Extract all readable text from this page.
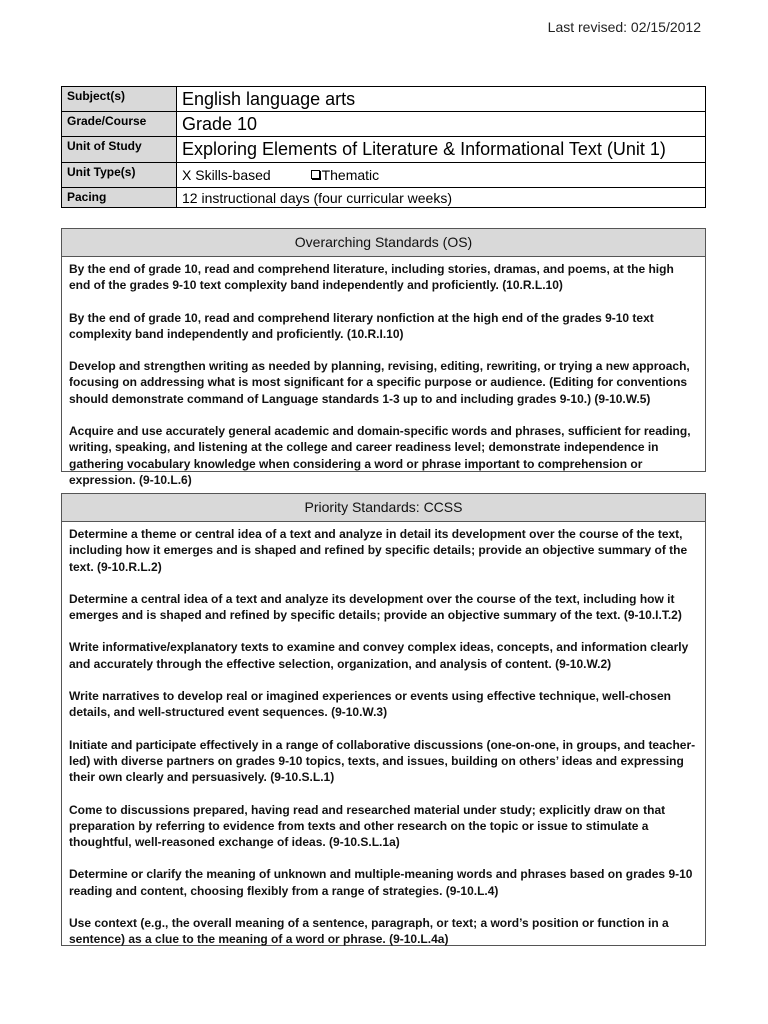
Last revised: 02/15/2012
Subject(s)	English language arts
Grade/Course	Grade 10
Unit of Study	Exploring Elements of Literature & Informational Text (Unit 1)
Unit Type(s)	X Skills-based Thematic
Pacing	12 instructional days (four curricular weeks)
Overarching Standards (OS)

By the end of grade 10, read and comprehend literature, including stories, dramas, and poems, at the high end of the grades 9-10 text complexity band independently and proficiently. (10.R.L.10)

By the end of grade 10, read and comprehend literary nonfiction at the high end of the grades 9-10 text complexity band independently and proficiently. (10.R.I.10)

Develop and strengthen writing as needed by planning, revising, editing, rewriting, or trying a new approach, focusing on addressing what is most significant for a specific purpose or audience. (Editing for conventions should demonstrate command of Language standards 1-3 up to and including grades 9-10.) (9-10.W.5)

Acquire and use accurately general academic and domain-specific words and phrases, sufficient for reading, writing, speaking, and listening at the college and career readiness level; demonstrate independence in gathering vocabulary knowledge when considering a word or phrase important to comprehension or expression. (9-10.L.6)

Priority Standards: CCSS

Determine a theme or central idea of a text and analyze in detail its development over the course of the text, including how it emerges and is shaped and refined by specific details; provide an objective summary of the text. (9-10.R.L.2)

Determine a central idea of a text and analyze its development over the course of the text, including how it emerges and is shaped and refined by specific details; provide an objective summary of the text. (9-10.I.T.2)

Write informative/explanatory texts to examine and convey complex ideas, concepts, and information clearly and accurately through the effective selection, organization, and analysis of content. (9-10.W.2)

Write narratives to develop real or imagined experiences or events using effective technique, well-chosen details, and well-structured event sequences. (9-10.W.3)

Initiate and participate effectively in a range of collaborative discussions (one-on-one, in groups, and teacher-led) with diverse partners on grades 9-10 topics, texts, and issues, building on others’ ideas and expressing their own clearly and persuasively. (9-10.S.L.1)

Come to discussions prepared, having read and researched material under study; explicitly draw on that preparation by referring to evidence from texts and other research on the topic or issue to stimulate a thoughtful, well-reasoned exchange of ideas. (9-10.S.L.1a)

Determine or clarify the meaning of unknown and multiple-meaning words and phrases based on grades 9-10 reading and content, choosing flexibly from a range of strategies. (9-10.L.4)

Use context (e.g., the overall meaning of a sentence, paragraph, or text; a word’s position or function in a sentence) as a clue to the meaning of a word or phrase. (9-10.L.4a)
